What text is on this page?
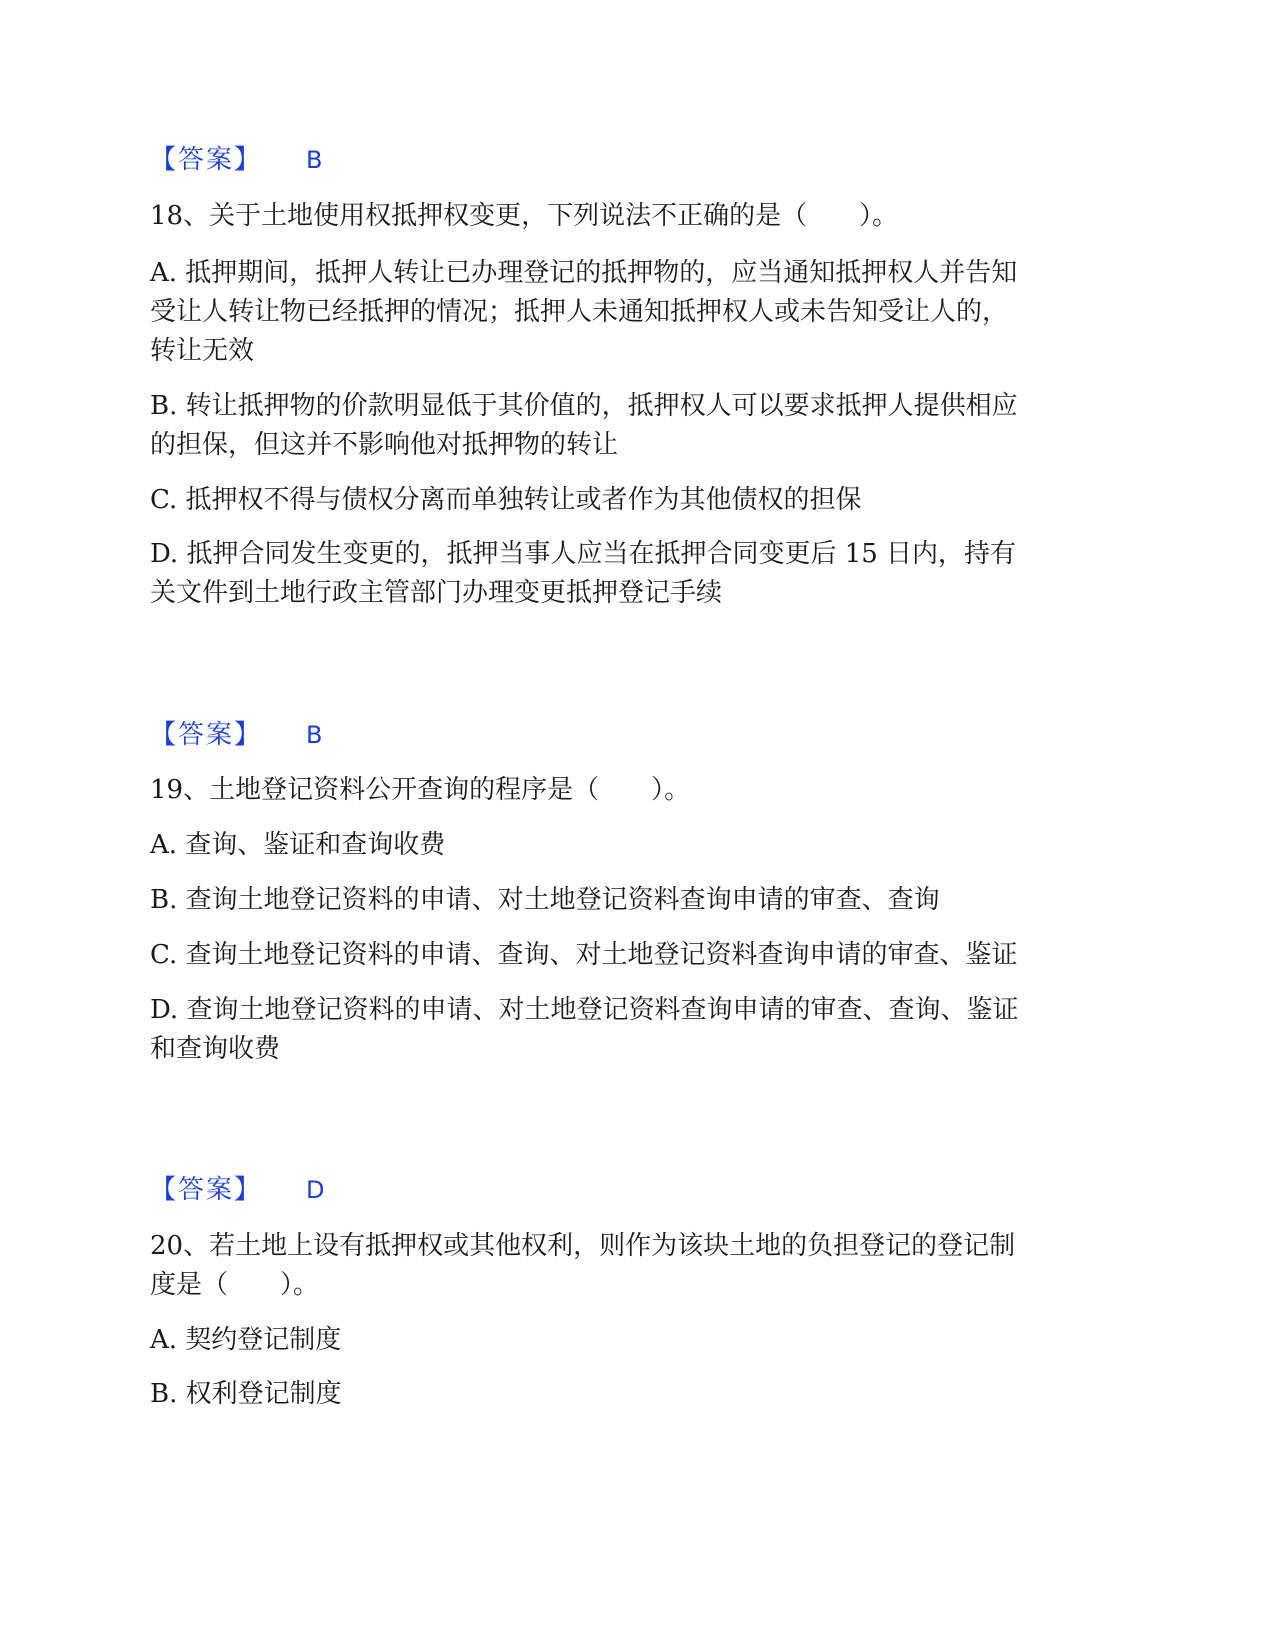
【答案】 B
18、关于土地使用权抵押权变更，下列说法不正确的是（　　）。
A. 抵押期间，抵押人转让已办理登记的抵押物的，应当通知抵押权人并告知
受让人转让物已经抵押的情况；抵押人未通知抵押权人或未告知受让人的，
转让无效
B. 转让抵押物的价款明显低于其价值的，抵押权人可以要求抵押人提供相应
的担保，但这并不影响他对抵押物的转让
C. 抵押权不得与债权分离而单独转让或者作为其他债权的担保
D. 抵押合同发生变更的，抵押当事人应当在抵押合同变更后 15 日内，持有
关文件到土地行政主管部门办理变更抵押登记手续
【答案】 B
19、土地登记资料公开查询的程序是（　　）。
A. 查询、鉴证和查询收费
B. 查询土地登记资料的申请、对土地登记资料查询申请的审查、查询
C. 查询土地登记资料的申请、查询、对土地登记资料查询申请的审查、鉴证
D. 查询土地登记资料的申请、对土地登记资料查询申请的审查、查询、鉴证
和查询收费
【答案】 D
20、若土地上设有抵押权或其他权利，则作为该块土地的负担登记的登记制
度是（　　）。
A. 契约登记制度
B. 权利登记制度
